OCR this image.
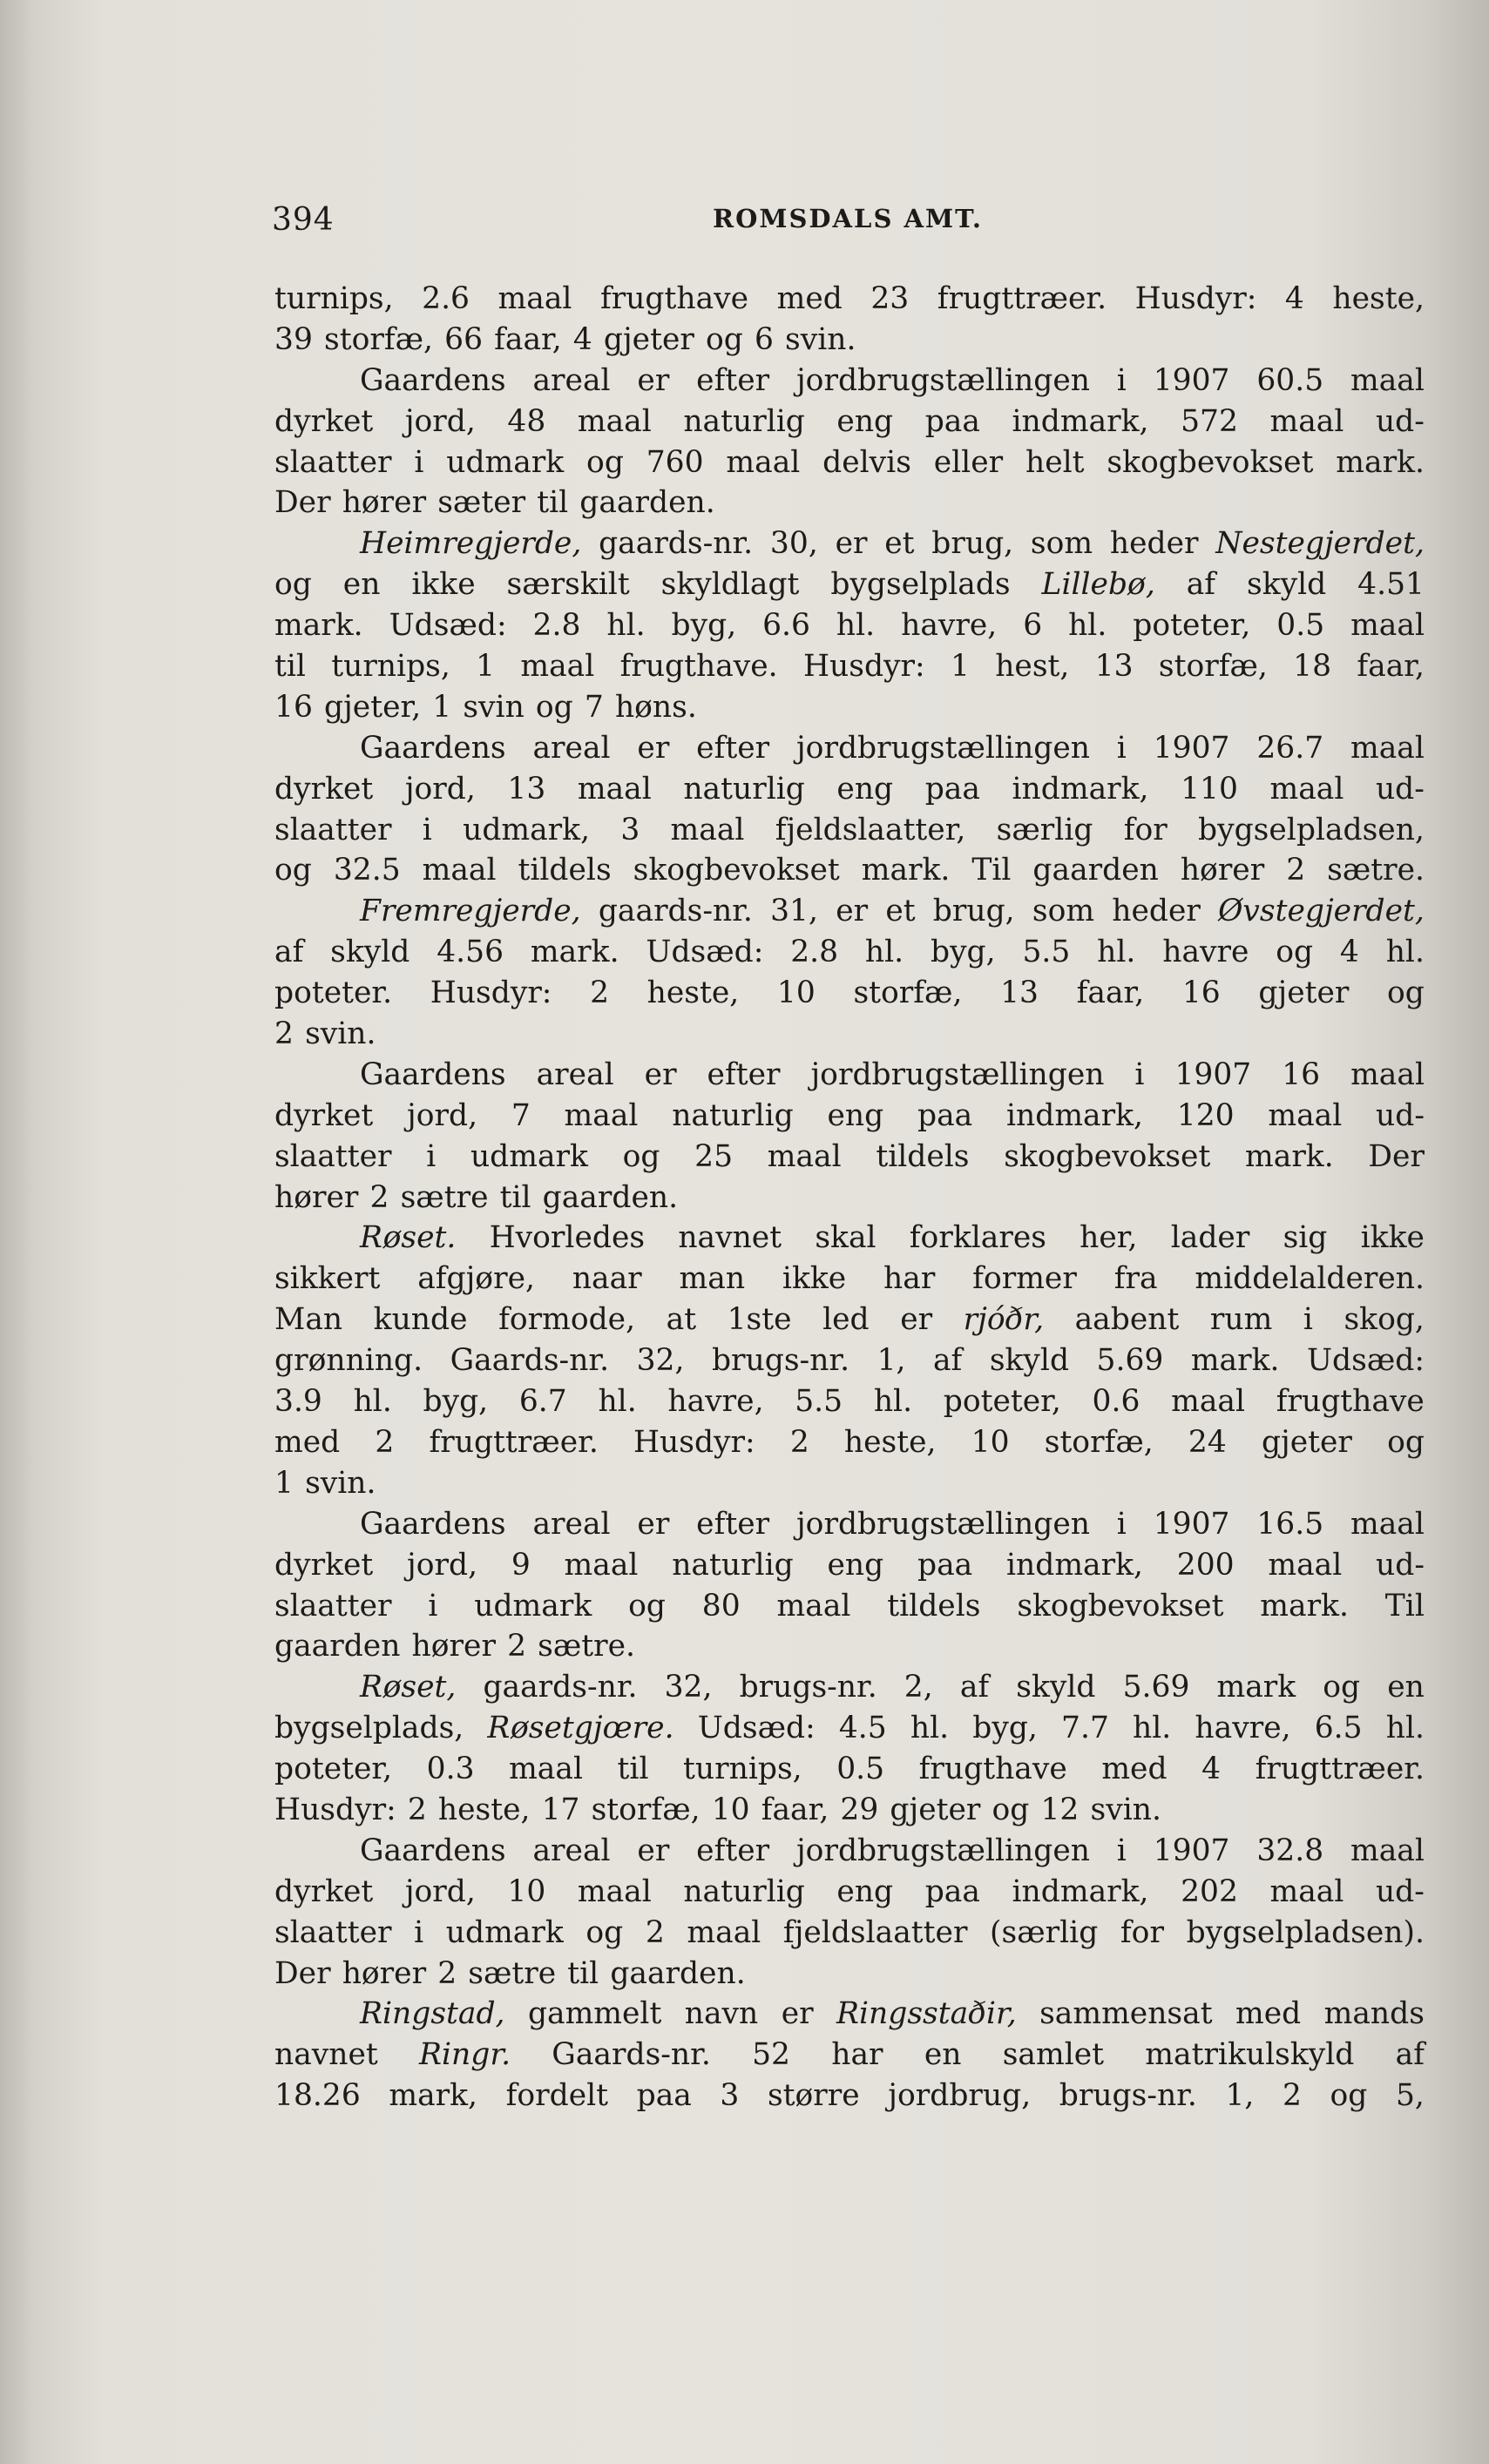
394	ROMSDALS AMT.
turnips, 2.6 maal frugthave med 23 frugttræer. Husdyr: 4 heste,
39 storfæ, 66 faar, 4 gjeter og 6 svin.
Gaardens areal er efter jordbrugstællingen i 1907 60.5 maal
dyrket jord, 48 maal naturlig eng paa indmark, 572 maal ud-
slaatter i udmark og 760 maal delvis eller helt skogbevokset mark.
Der hører sæter til gaarden.
Heimregjerde, gaards-nr. 30, er et brug, som heder Nestegjerdet,
og en ikke særskilt skyldlagt bygselplads Lillebø, af skyld 4.51
mark. Udsæd: 2.8 hl. byg, 6.6 hl. havre, 6 hl. poteter, 0.5 maal
til turnips, 1 maal frugthave. Husdyr: 1 hest, 13 storfæ, 18 faar,
16 gjeter, 1 svin og 7 høns.
Gaardens areal er efter jordbrugstællingen i 1907 26.7 maal
dyrket jord, 13 maal naturlig eng paa indmark, 110 maal ud-
slaatter i udmark, 3 maal fjeldslaatter, særlig for bygselpladsen,
og 32.5 maal tildels skogbevokset mark. Til gaarden hører 2 sætre.
Fremregjerde, gaards-nr. 31, er et brug, som heder Øvstegjerdet,
af skyld 4.56 mark. Udsæd: 2.8 hl. byg, 5.5 hl. havre og 4 hl.
poteter. Husdyr: 2 heste, 10 storfæ, 13 faar, 16 gjeter og
2 svin.
Gaardens areal er efter jordbrugstællingen i 1907 16 maal
dyrket jord, 7 maal naturlig eng paa indmark, 120 maal ud-
slaatter i udmark og 25 maal tildels skogbevokset mark. Der
hører 2 sætre til gaarden.
Røset. Hvorledes navnet skal forklares her, lader sig ikke
sikkert afgjøre, naar man ikke har former fra middelalderen.
Man kunde formode, at 1ste led er rjóðr, aabent rum i skog,
grønning. Gaards-nr. 32, brugs-nr. 1, af skyld 5.69 mark. Udsæd:
3.9 hl. byg, 6.7 hl. havre, 5.5 hl. poteter, 0.6 maal frugthave
med 2 frugttræer. Husdyr: 2 heste, 10 storfæ, 24 gjeter og
1 svin.
Gaardens areal er efter jordbrugstællingen i 1907 16.5 maal
dyrket jord, 9 maal naturlig eng paa indmark, 200 maal ud-
slaatter i udmark og 80 maal tildels skogbevokset mark. Til
gaarden hører 2 sætre.
Røset, gaards-nr. 32, brugs-nr. 2, af skyld 5.69 mark og en
bygselplads, Røsetgjœre. Udsæd: 4.5 hl. byg, 7.7 hl. havre, 6.5 hl.
poteter, 0.3 maal til turnips, 0.5 frugthave med 4 frugttræer.
Husdyr: 2 heste, 17 storfæ, 10 faar, 29 gjeter og 12 svin.
Gaardens areal er efter jordbrugstællingen i 1907 32.8 maal
dyrket jord, 10 maal naturlig eng paa indmark, 202 maal ud-
slaatter i udmark og 2 maal fjeldslaatter (særlig for bygselpladsen).
Der hører 2 sætre til gaarden.
Ringstad, gammelt navn er Ringsstaðir, sammensat med mands
navnet Ringr. Gaards-nr. 52 har en samlet matrikulskyld af
18.26 mark, fordelt paa 3 større jordbrug, brugs-nr. 1, 2 og 5,
